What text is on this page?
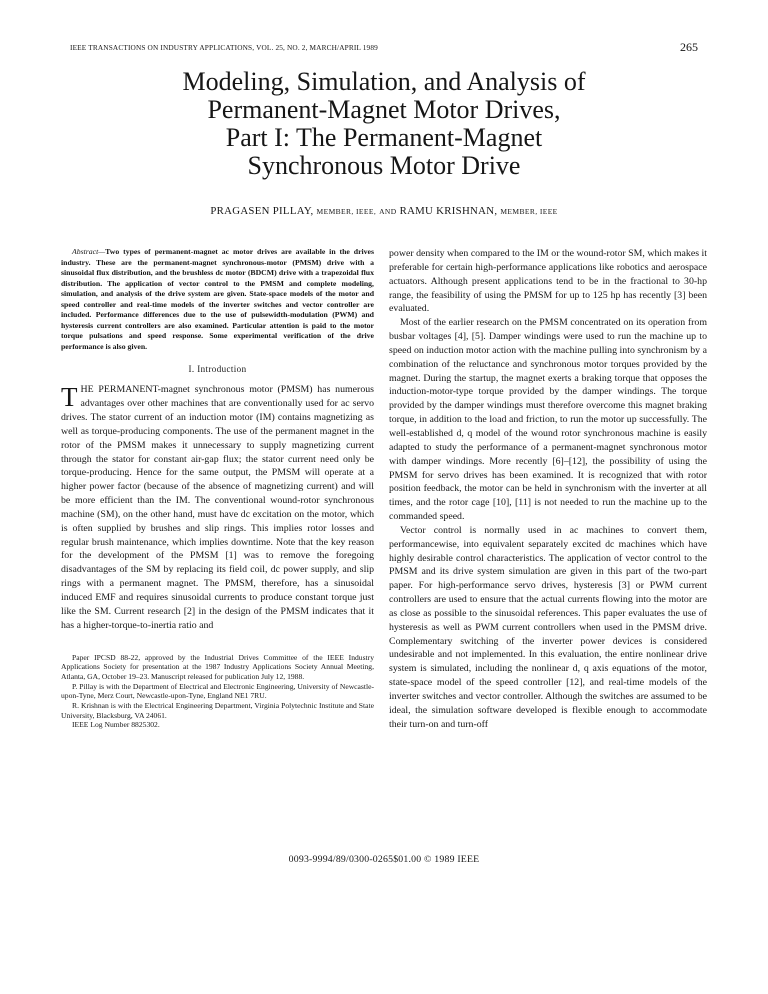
IEEE TRANSACTIONS ON INDUSTRY APPLICATIONS, VOL. 25, NO. 2, MARCH/APRIL 1989	265
Modeling, Simulation, and Analysis of
Permanent-Magnet Motor Drives,
Part I: The Permanent-Magnet
Synchronous Motor Drive
PRAGASEN PILLAY, MEMBER, IEEE, AND RAMU KRISHNAN, MEMBER, IEEE

Abstract—Two types of permanent-magnet ac motor drives are available in the drives industry. These are the permanent-magnet synchronous-motor (PMSM) drive with a sinusoidal flux distribution, and the brushless dc motor (BDCM) drive with a trapezoidal flux distribution. The application of vector control to the PMSM and complete modeling, simulation, and analysis of the drive system are given. State-space models of the motor and speed controller and real-time models of the inverter switches and vector controller are included. Performance differences due to the use of pulsewidth-modulation (PWM) and hysteresis current controllers are also examined. Particular attention is paid to the motor torque pulsations and speed response. Some experimental verification of the drive performance is also given.

I. Introduction

THE PERMANENT-magnet synchronous motor (PMSM) has numerous advantages over other machines that are conventionally used for ac servo drives. The stator current of an induction motor (IM) contains magnetizing as well as torque-producing components. The use of the permanent magnet in the rotor of the PMSM makes it unnecessary to supply magnetizing current through the stator for constant air-gap flux; the stator current need only be torque-producing. Hence for the same output, the PMSM will operate at a higher power factor (because of the absence of magnetizing current) and will be more efficient than the IM. The conventional wound-rotor synchronous machine (SM), on the other hand, must have dc excitation on the motor, which is often supplied by brushes and slip rings. This implies rotor losses and regular brush maintenance, which implies downtime. Note that the key reason for the development of the PMSM [1] was to remove the foregoing disadvantages of the SM by replacing its field coil, dc power supply, and slip rings with a permanent magnet. The PMSM, therefore, has a sinusoidal induced EMF and requires sinusoidal currents to produce constant torque just like the SM. Current research [2] in the design of the PMSM indicates that it has a higher-torque-to-inertia ratio and

Paper IPCSD 88-22, approved by the Industrial Drives Committee of the IEEE Industry Applications Society for presentation at the 1987 Industry Applications Society Annual Meeting, Atlanta, GA, October 19–23. Manuscript released for publication July 12, 1988.

P. Pillay is with the Department of Electrical and Electronic Engineering, University of Newcastle-upon-Tyne, Merz Court, Newcastle-upon-Tyne, England NE1 7RU.

R. Krishnan is with the Electrical Engineering Department, Virginia Polytechnic Institute and State University, Blacksburg, VA 24061.

IEEE Log Number 8825302.

power density when compared to the IM or the wound-rotor SM, which makes it preferable for certain high-performance applications like robotics and aerospace actuators. Although present applications tend to be in the fractional to 30-hp range, the feasibility of using the PMSM for up to 125 hp has recently [3] been evaluated.

Most of the earlier research on the PMSM concentrated on its operation from busbar voltages [4], [5]. Damper windings were used to run the machine up to speed on induction motor action with the machine pulling into synchronism by a combination of the reluctance and synchronous motor torques provided by the magnet. During the startup, the magnet exerts a braking torque that opposes the induction-motor-type torque provided by the damper windings. The torque provided by the damper windings must therefore overcome this magnet braking torque, in addition to the load and friction, to run the motor up successfully. The well-established d, q model of the wound rotor synchronous machine is easily adapted to study the performance of a permanent-magnet synchronous motor with damper windings. More recently [6]–[12], the possibility of using the PMSM for servo drives has been examined. It is recognized that with rotor position feedback, the motor can be held in synchronism with the inverter at all times, and the rotor cage [10], [11] is not needed to run the machine up to the commanded speed.

Vector control is normally used in ac machines to convert them, performancewise, into equivalent separately excited dc machines which have highly desirable control characteristics. The application of vector control to the PMSM and its drive system simulation are given in this part of the two-part paper. For high-performance servo drives, hysteresis [3] or PWM current controllers are used to ensure that the actual currents flowing into the motor are as close as possible to the sinusoidal references. This paper evaluates the use of hysteresis as well as PWM current controllers when used in the PMSM drive. Complementary switching of the inverter power devices is considered undesirable and not implemented. In this evaluation, the entire nonlinear drive system is simulated, including the nonlinear d, q axis equations of the motor, state-space model of the speed controller [12], and real-time models of the inverter switches and vector controller. Although the switches are assumed to be ideal, the simulation software developed is flexible enough to accommodate their turn-on and turn-off

0093-9994/89/0300-0265$01.00 © 1989 IEEE
